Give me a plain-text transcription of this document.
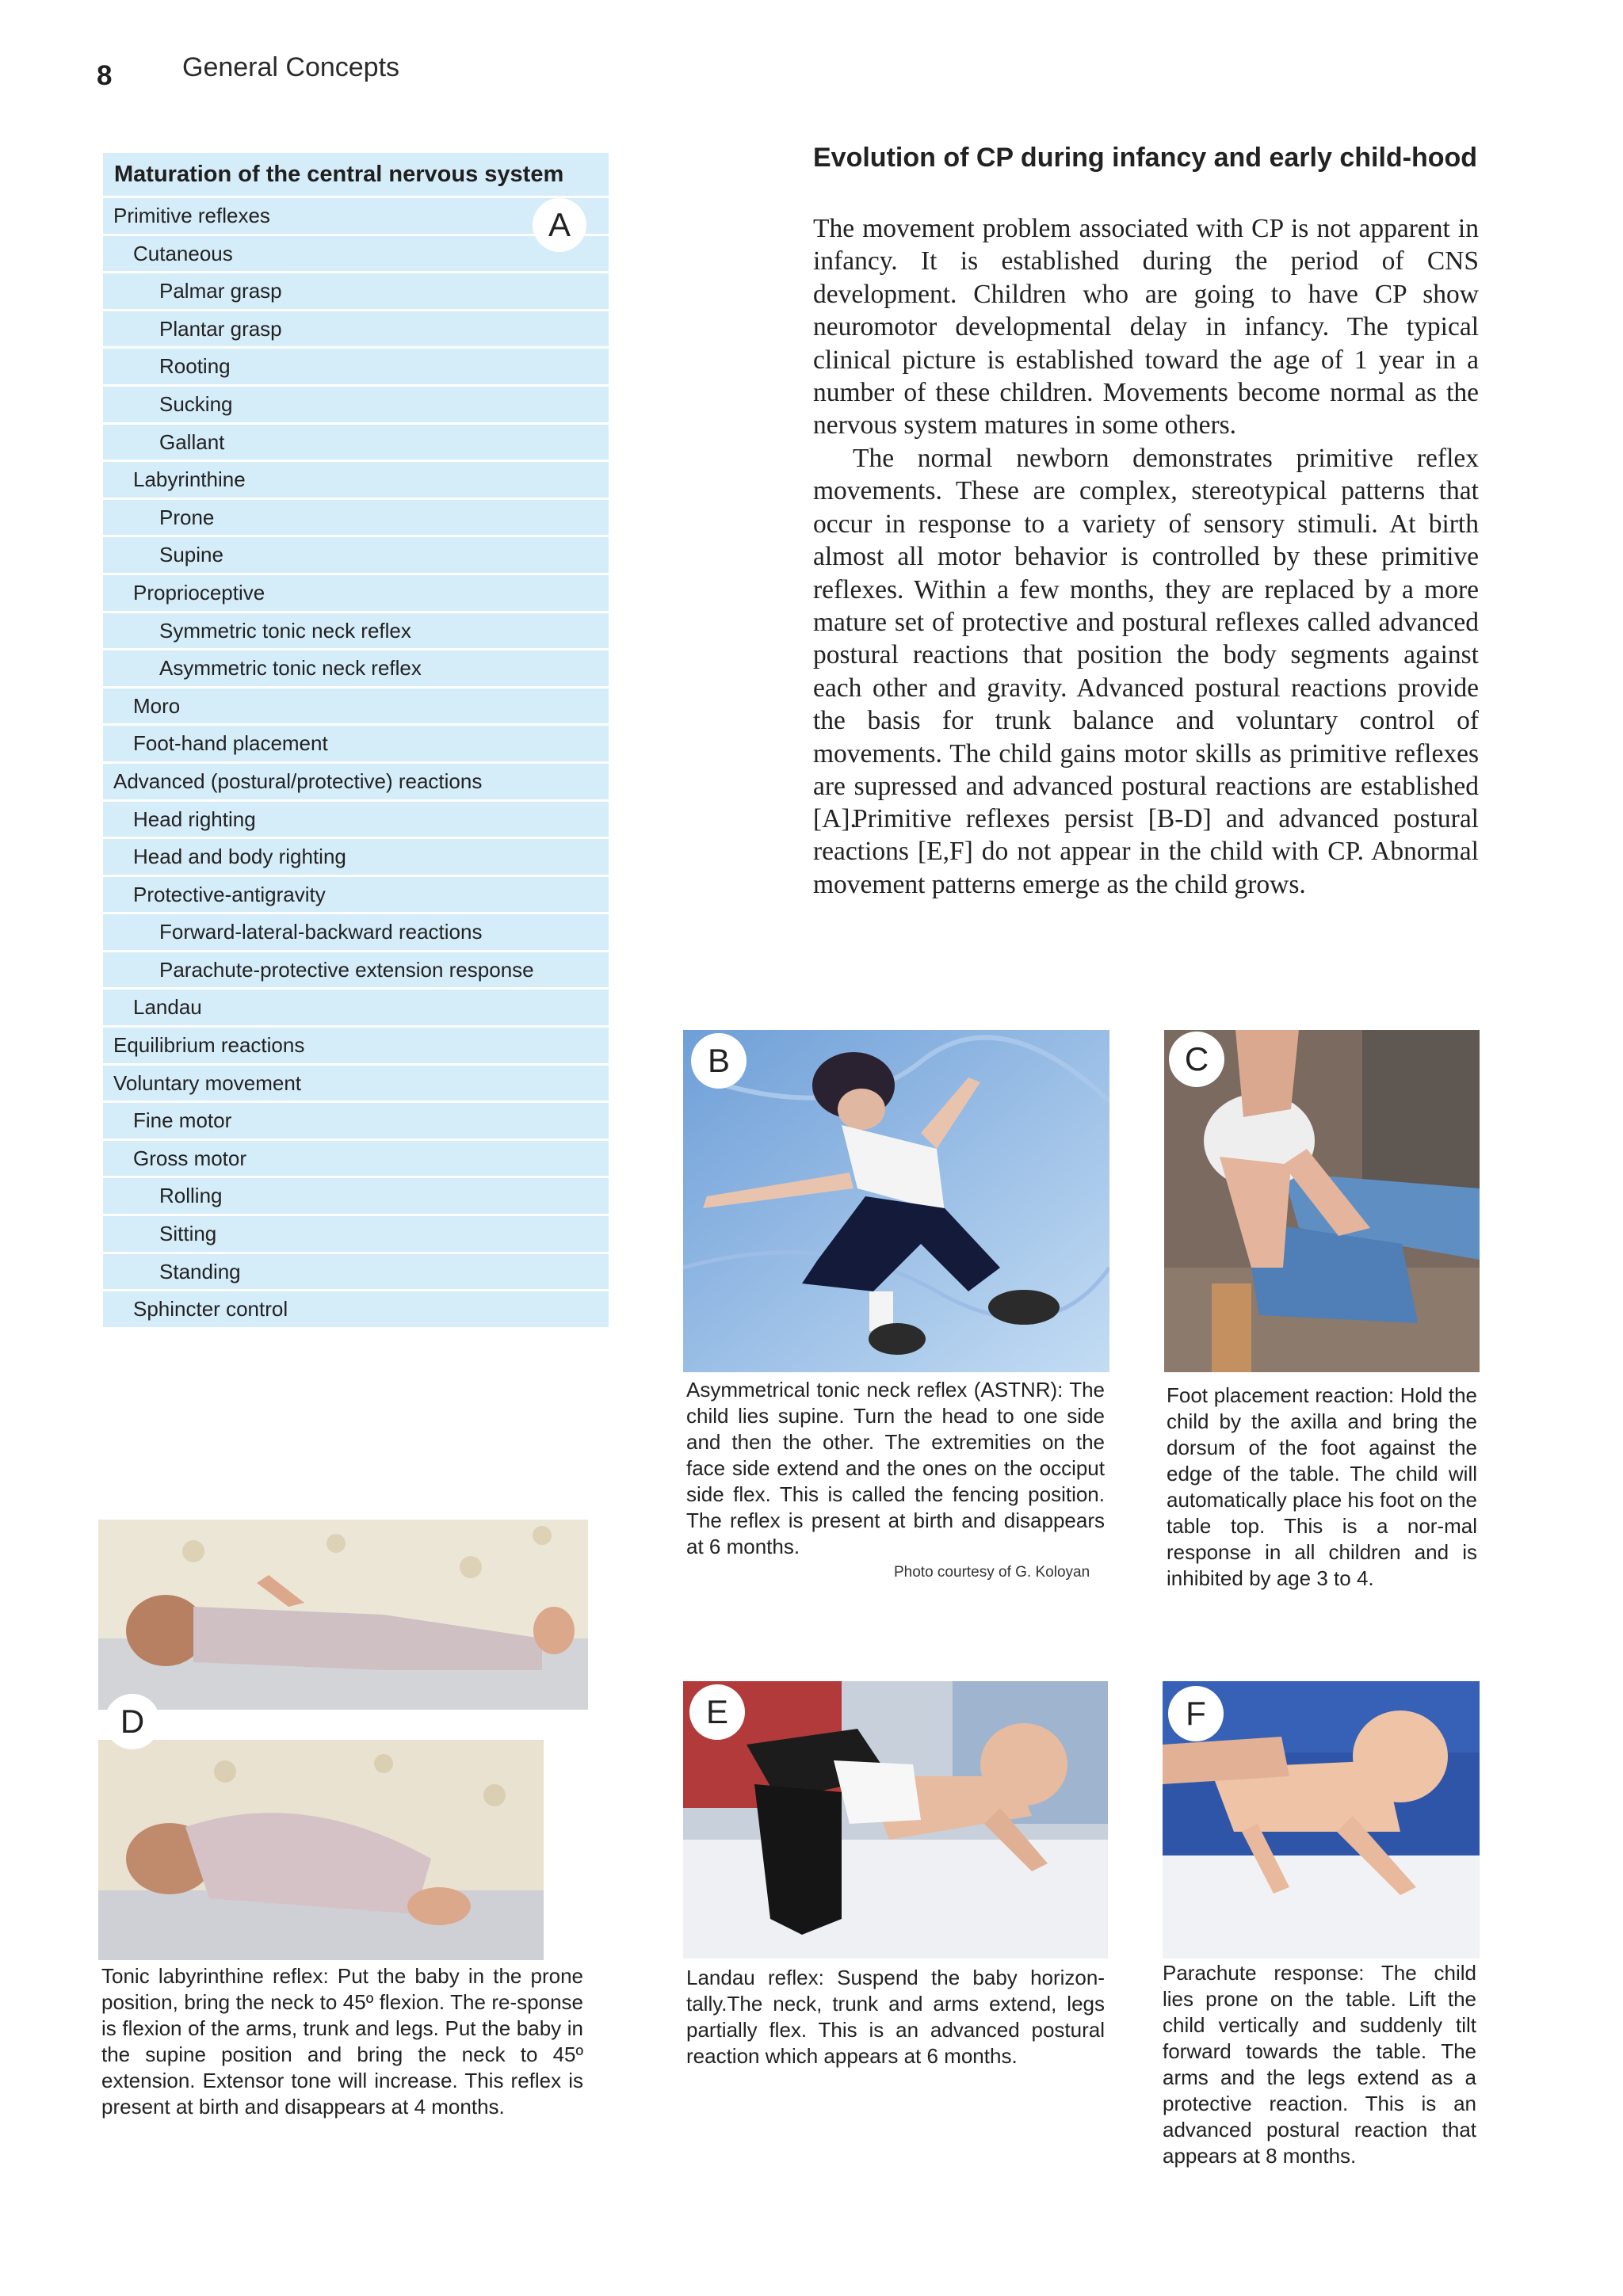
8	General Concepts
Maturation of the central nervous system
Primitive reflexes
Cutaneous
Palmar grasp
Plantar grasp
Rooting
Sucking
Gallant
Labyrinthine
Prone
Supine
Proprioceptive
Symmetric tonic neck reflex
Asymmetric tonic neck reflex
Moro
Foot-hand placement
Advanced (postural/protective) reactions
Head righting
Head and body righting
Protective-antigravity
Forward-lateral-backward reactions
Parachute-protective extension response
Landau
Equilibrium reactions
Voluntary movement
Fine motor
Gross motor
Rolling
Sitting
Standing
Sphincter control
A
Evolution of CP during infancy and early child-hood
The movement problem associated with CP is not apparent in infancy. It is established during the period of CNS development. Children who are going to have CP show neuromotor developmental delay in infancy. The typical clinical picture is established toward the age of 1 year in a number of these children. Movements become normal as the nervous system matures in some others.
The normal newborn demonstrates primitive reflex movements. These are complex, stereotypical patterns that occur in response to a variety of sensory stimuli. At birth almost all motor behavior is controlled by these primitive reflexes. Within a few months, they are replaced by a more mature set of protective and postural reflexes called advanced postural reactions that position the body segments against each other and gravity. Advanced postural reactions provide the basis for trunk balance and voluntary control of movements. The child gains motor skills as primitive reflexes are supressed and advanced postural reactions are established [A].
Primitive reflexes persist [B-D] and advanced postural reactions [E,F] do not appear in the child with CP. Abnormal movement patterns emerge as the child grows.
B
Asymmetrical tonic neck reflex (ASTNR): The child lies supine. Turn the head to one side and then the other. The extremities on the face side extend and the ones on the occiput side flex. This is called the fencing position. The reflex is present at birth and disappears at 6 months.
Photo courtesy of G. Koloyan
C
Foot placement reaction: Hold the child by the axilla and bring the dorsum of the foot against the edge of the table. The child will automatically place his foot on the table top. This is a nor-mal response in all children and is inhibited by age 3 to 4.
D
Tonic labyrinthine reflex: Put the baby in the prone position, bring the neck to 45º flexion. The re-sponse is flexion of the arms, trunk and legs. Put the baby in the supine position and bring the neck to 45º extension. Extensor tone will increase. This reflex is present at birth and disappears at 4 months.
E
Landau reflex: Suspend the baby horizon-tally.The neck, trunk and arms extend, legs partially flex. This is an advanced postural reaction which appears at 6 months.
F
Parachute response: The child lies prone on the table. Lift the child vertically and suddenly tilt forward towards the table. The arms and the legs extend as a protective reaction. This is an advanced postural reaction that appears at 8 months.
